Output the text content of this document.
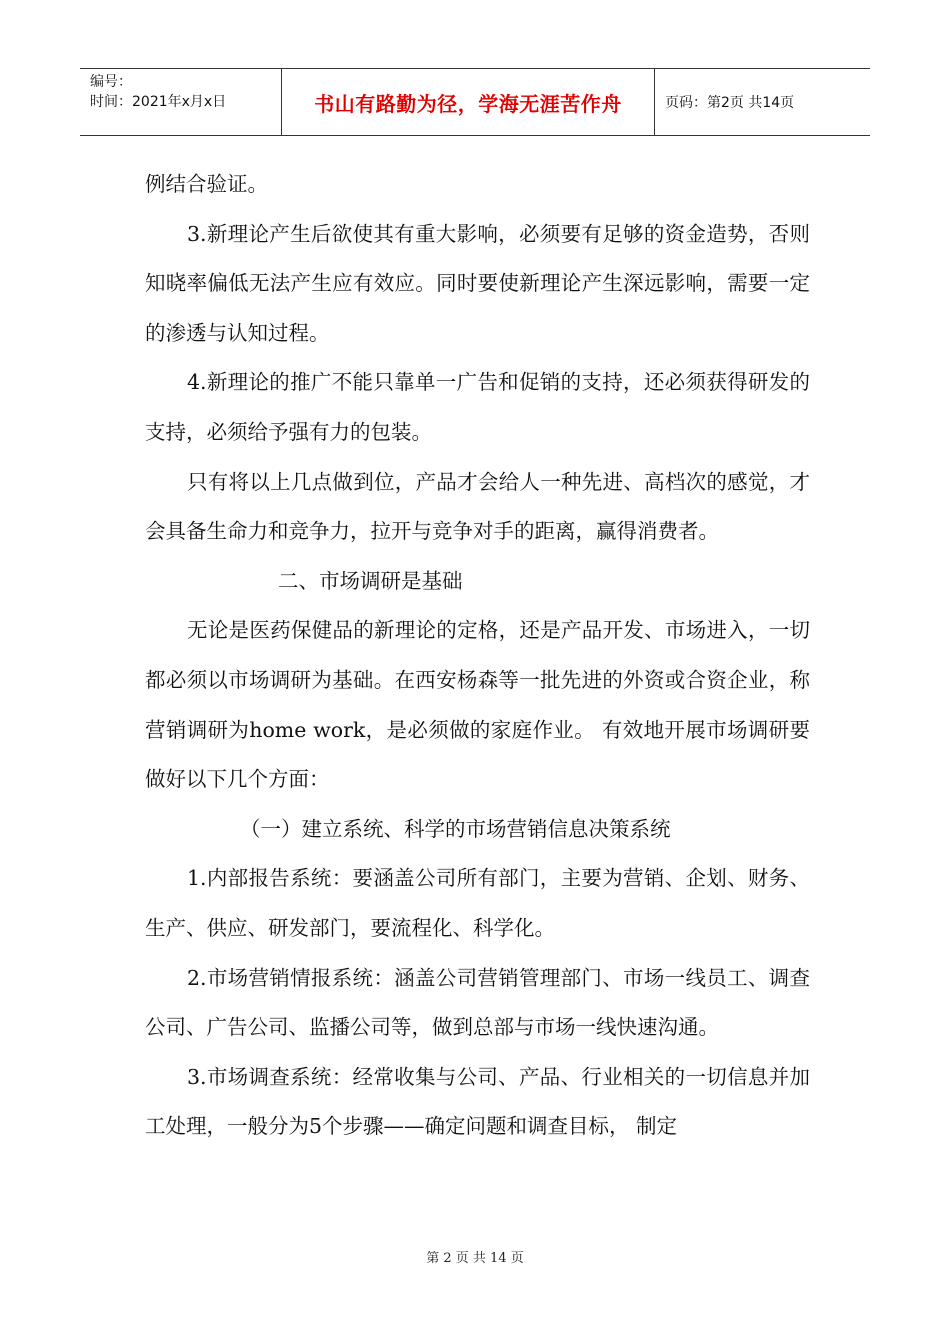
编号：
时间：2021年x月x日	书山有路勤为径，学海无涯苦作舟	页码：第2页 共14页

例结合验证。

3.新理论产生后欲使其有重大影响，必须要有足够的资金造势，否则知晓率偏低无法产生应有效应。同时要使新理论产生深远影响，需要一定的渗透与认知过程。

4.新理论的推广不能只靠单一广告和促销的支持，还必须获得研发的支持，必须给予强有力的包装。

只有将以上几点做到位，产品才会给人一种先进、高档次的感觉，才会具备生命力和竞争力，拉开与竞争对手的距离，赢得消费者。

二、市场调研是基础

无论是医药保健品的新理论的定格，还是产品开发、市场进入，一切都必须以市场调研为基础。在西安杨森等一批先进的外资或合资企业，称营销调研为home work，是必须做的家庭作业。 有效地开展市场调研要做好以下几个方面：

（一）建立系统、科学的市场营销信息决策系统

1.内部报告系统：要涵盖公司所有部门，主要为营销、企划、财务、生产、供应、研发部门，要流程化、科学化。

2.市场营销情报系统：涵盖公司营销管理部门、市场一线员工、调查公司、广告公司、监播公司等，做到总部与市场一线快速沟通。

3.市场调查系统：经常收集与公司、产品、行业相关的一切信息并加工处理，一般分为5个步骤——确定问题和调查目标， 制定

第 2 页 共 14 页
